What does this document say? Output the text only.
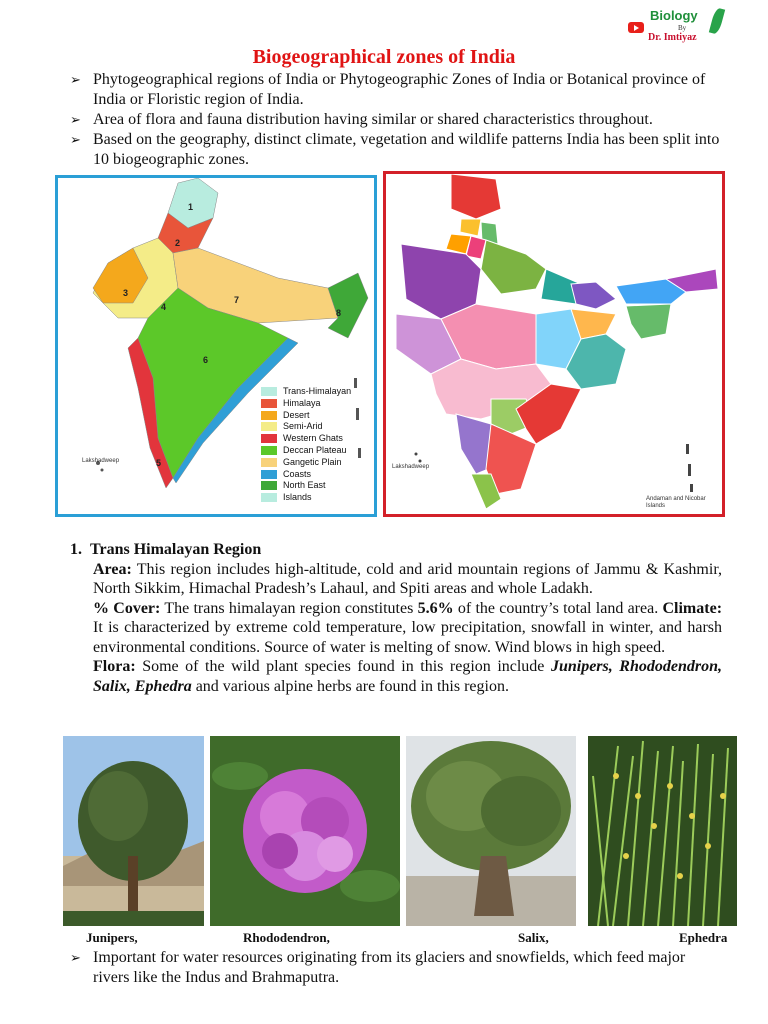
Biology
By
Dr. Imtiyaz
Biogeographical zones of India
➢ Phytogeographical regions of India or Phytogeographic Zones of India or Botanical province of India or Floristic region of India.
➢ Area of flora and fauna distribution having similar or shared characteristics throughout.
➢ Based on the geography, distinct climate, vegetation and wildlife patterns India has been split into 10 biogeographic zones.
1
2
3
4
5
6
7
8
Lakshadweep
Trans-Himalayan
Himalaya
Desert
Semi-Arid
Western Ghats
Deccan Plateau
Gangetic Plain
Coasts
North East
Islands
Lakshadweep
Andaman and Nicobar Islands
1. Trans Himalayan Region

Area: This region includes high-altitude, cold and arid mountain regions of Jammu & Kashmir, North Sikkim, Himachal Pradesh’s Lahaul, and Spiti areas and whole Ladakh.

% Cover: The trans himalayan region constitutes 5.6% of the country’s total land area. Climate: It is characterized by extreme cold temperature, low precipitation, snowfall in winter, and harsh environmental conditions. Source of water is melting of snow. Wind blows in high speed.

Flora: Some of the wild plant species found in this region include Junipers, Rhododendron, Salix, Ephedra and various alpine herbs are found in this region.

Junipers,	Rhododendron,	Salix,	Ephedra
➢ Important for water resources originating from its glaciers and snowfields, which feed major rivers like the Indus and Brahmaputra.
